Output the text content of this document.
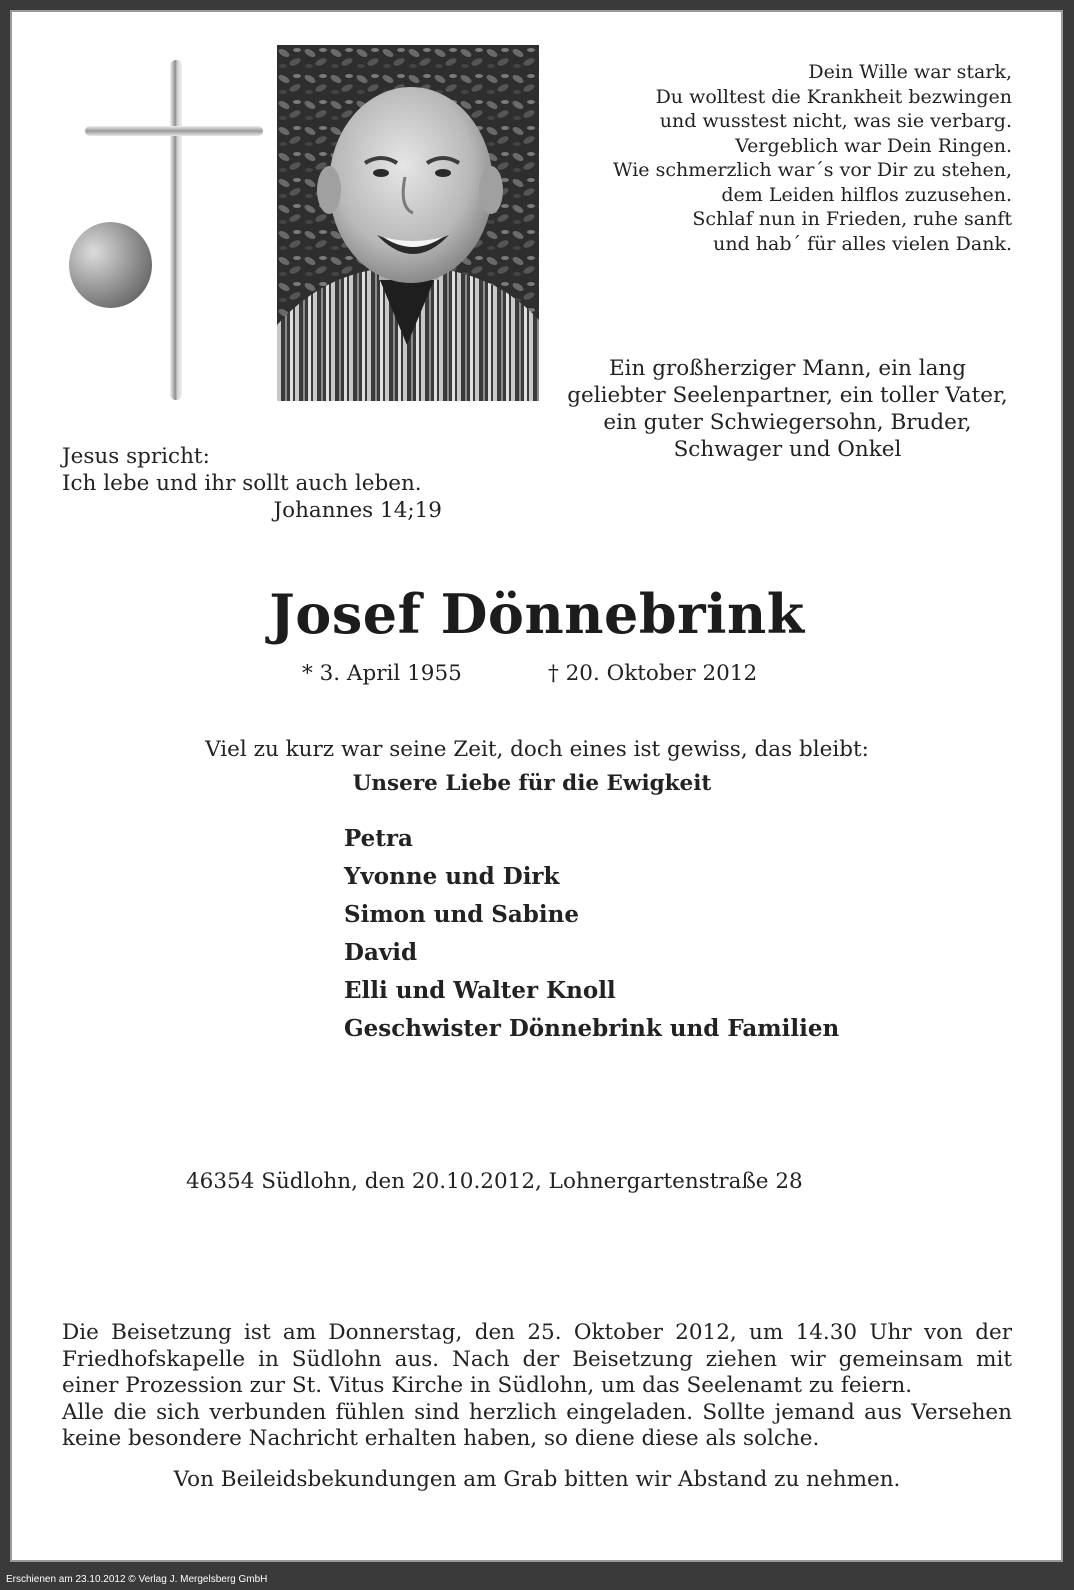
Dein Wille war stark,
Du wolltest die Krankheit bezwingen
und wusstest nicht, was sie verbarg.
Vergeblich war Dein Ringen.
Wie schmerzlich war´s vor Dir zu stehen,
dem Leiden hilflos zuzusehen.
Schlaf nun in Frieden, ruhe sanft
und hab´ für alles vielen Dank.
Ein großherziger Mann, ein lang
geliebter Seelenpartner, ein toller Vater,
ein guter Schwiegersohn, Bruder,
Schwager und Onkel
Jesus spricht:
Ich lebe und ihr sollt auch leben.
Johannes 14;19
Josef Dönnebrink
* 3. April 1955	† 20. Oktober 2012
Viel zu kurz war seine Zeit, doch eines ist gewiss, das bleibt:
Unsere Liebe für die Ewigkeit
Petra
Yvonne und Dirk
Simon und Sabine
David
Elli und Walter Knoll
Geschwister Dönnebrink und Familien
46354 Südlohn, den 20.10.2012, Lohnergartenstraße 28

Die Beisetzung ist am Donnerstag, den 25. Oktober 2012, um 14.30 Uhr von der Friedhofskapelle in Südlohn aus. Nach der Beisetzung ziehen wir gemeinsam mit einer Prozession zur St. Vitus Kirche in Südlohn, um das Seelenamt zu feiern.

Alle die sich verbunden fühlen sind herzlich eingeladen. Sollte jemand aus Versehen keine besondere Nachricht erhalten haben, so diene diese als solche.

Von Beileidsbekundungen am Grab bitten wir Abstand zu nehmen.
Erschienen am 23.10.2012 © Verlag J. Mergelsberg GmbH
